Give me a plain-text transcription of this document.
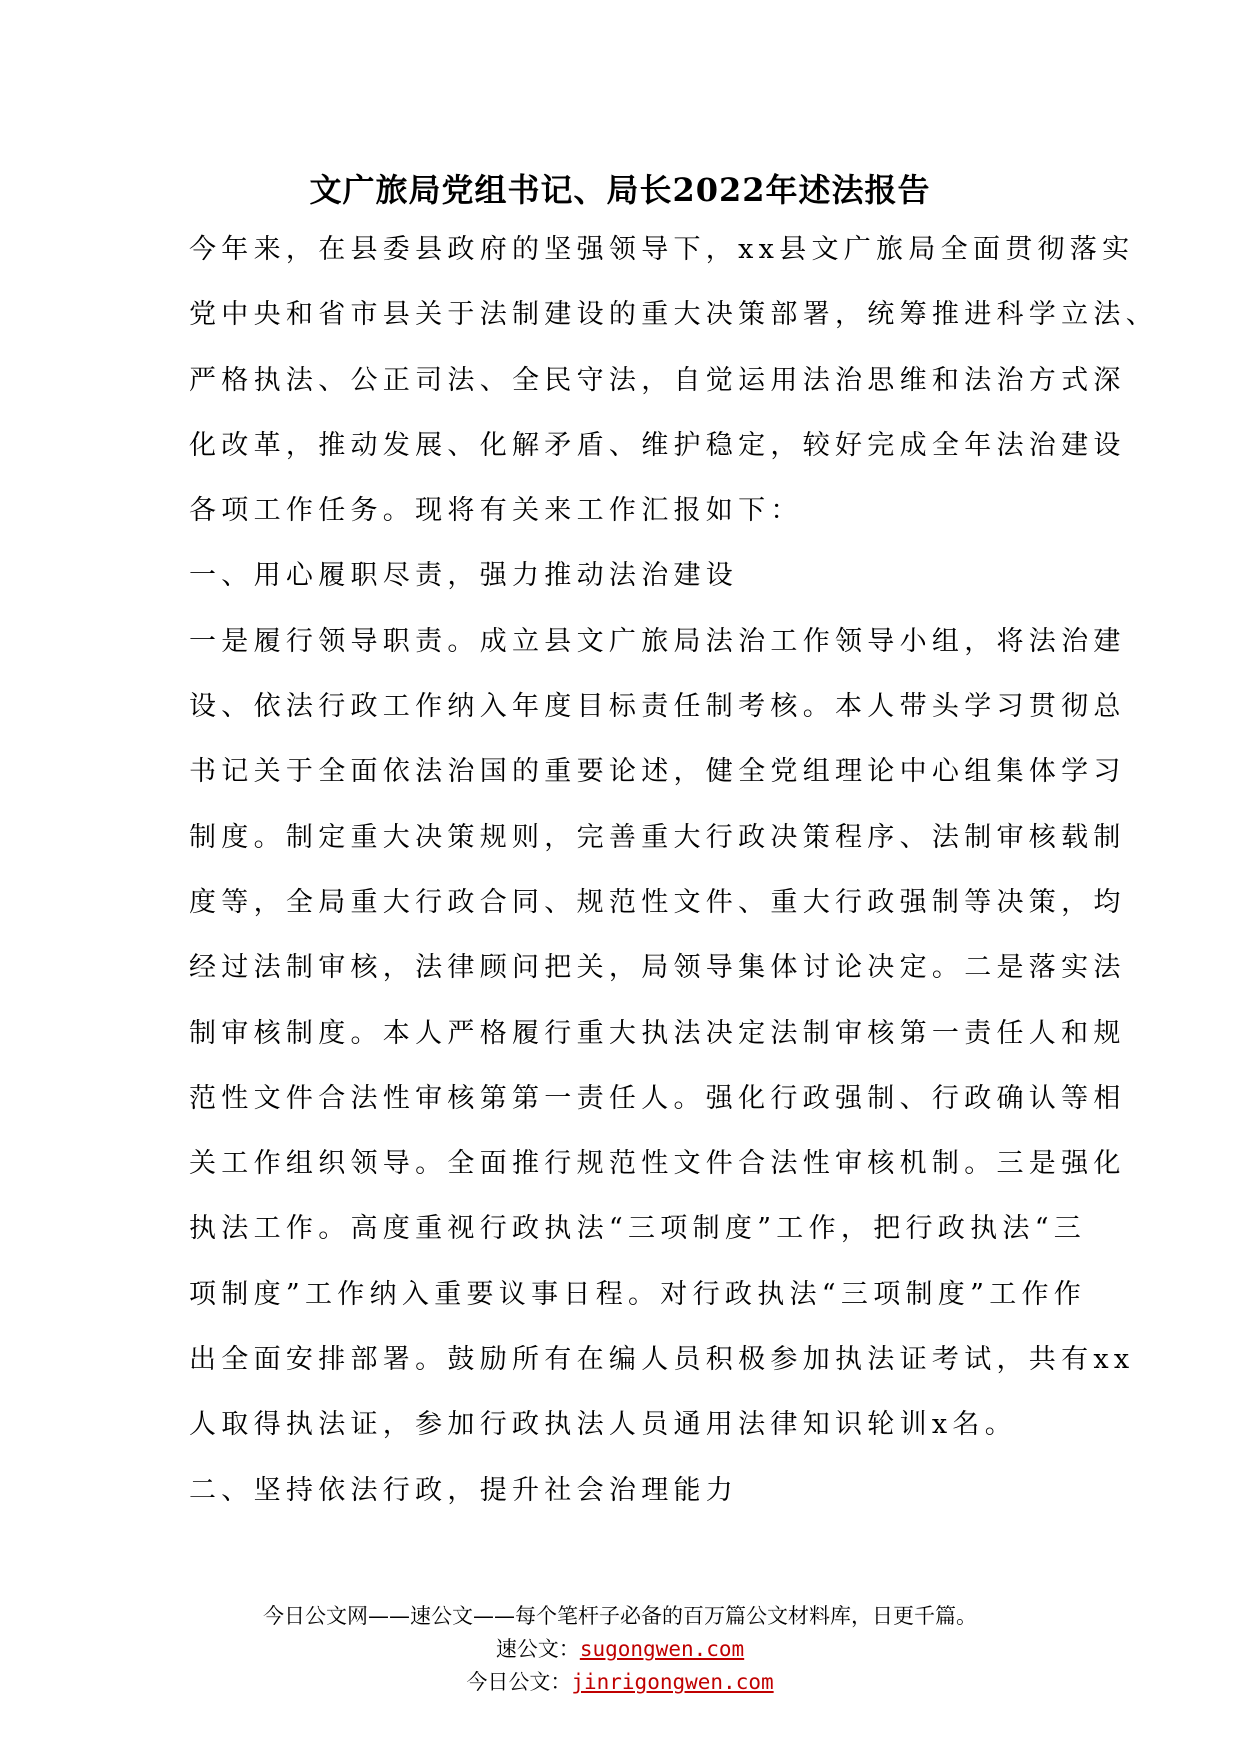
文广旅局党组书记、局长2022年述法报告
今年来，在县委县政府的坚强领导下，xx县文广旅局全面贯彻落实
党中央和省市县关于法制建设的重大决策部署，统筹推进科学立法、
严格执法、公正司法、全民守法，自觉运用法治思维和法治方式深
化改革，推动发展、化解矛盾、维护稳定，较好完成全年法治建设
各项工作任务。现将有关来工作汇报如下：
一、用心履职尽责，强力推动法治建设
一是履行领导职责。成立县文广旅局法治工作领导小组，将法治建
设、依法行政工作纳入年度目标责任制考核。本人带头学习贯彻总
书记关于全面依法治国的重要论述，健全党组理论中心组集体学习
制度。制定重大决策规则，完善重大行政决策程序、法制审核载制
度等，全局重大行政合同、规范性文件、重大行政强制等决策，均
经过法制审核，法律顾问把关，局领导集体讨论决定。二是落实法
制审核制度。本人严格履行重大执法决定法制审核第一责任人和规
范性文件合法性审核第第一责任人。强化行政强制、行政确认等相
关工作组织领导。全面推行规范性文件合法性审核机制。三是强化
执法工作。高度重视行政执法“三项制度”工作，把行政执法“三
项制度”工作纳入重要议事日程。对行政执法“三项制度”工作作
出全面安排部署。鼓励所有在编人员积极参加执法证考试，共有xx
人取得执法证，参加行政执法人员通用法律知识轮训x名。
二、坚持依法行政，提升社会治理能力
今日公文网——速公文——每个笔杆子必备的百万篇公文材料库，日更千篇。
速公文：sugongwen.com
今日公文：jinrigongwen.com
